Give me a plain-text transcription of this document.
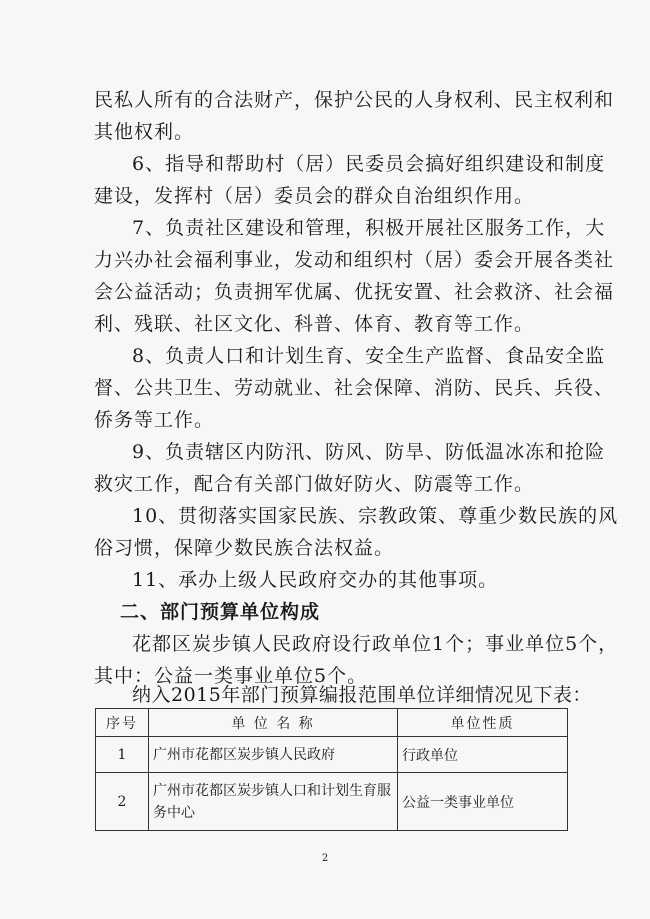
民私人所有的合法财产，保护公民的人身权利、民主权利和
其他权利。
6、指导和帮助村（居）民委员会搞好组织建设和制度
建设，发挥村（居）委员会的群众自治组织作用。
7、负责社区建设和管理，积极开展社区服务工作，大
力兴办社会福利事业，发动和组织村（居）委会开展各类社
会公益活动；负责拥军优属、优抚安置、社会救济、社会福
利、残联、社区文化、科普、体育、教育等工作。
8、负责人口和计划生育、安全生产监督、食品安全监
督、公共卫生、劳动就业、社会保障、消防、民兵、兵役、
侨务等工作。
9、负责辖区内防汛、防风、防旱、防低温冰冻和抢险
救灾工作，配合有关部门做好防火、防震等工作。
10、贯彻落实国家民族、宗教政策、尊重少数民族的风
俗习惯，保障少数民族合法权益。
11、承办上级人民政府交办的其他事项。
二、部门预算单位构成
花都区炭步镇人民政府设行政单位1个；事业单位5个，
其中：公益一类事业单位5个。
纳入2015年部门预算编报范围单位详细情况见下表：
序号	单 位 名 称	单位性质
1	广州市花都区炭步镇人民政府	行政单位
2	广州市花都区炭步镇人口和计划生育服务中心	公益一类事业单位
2
